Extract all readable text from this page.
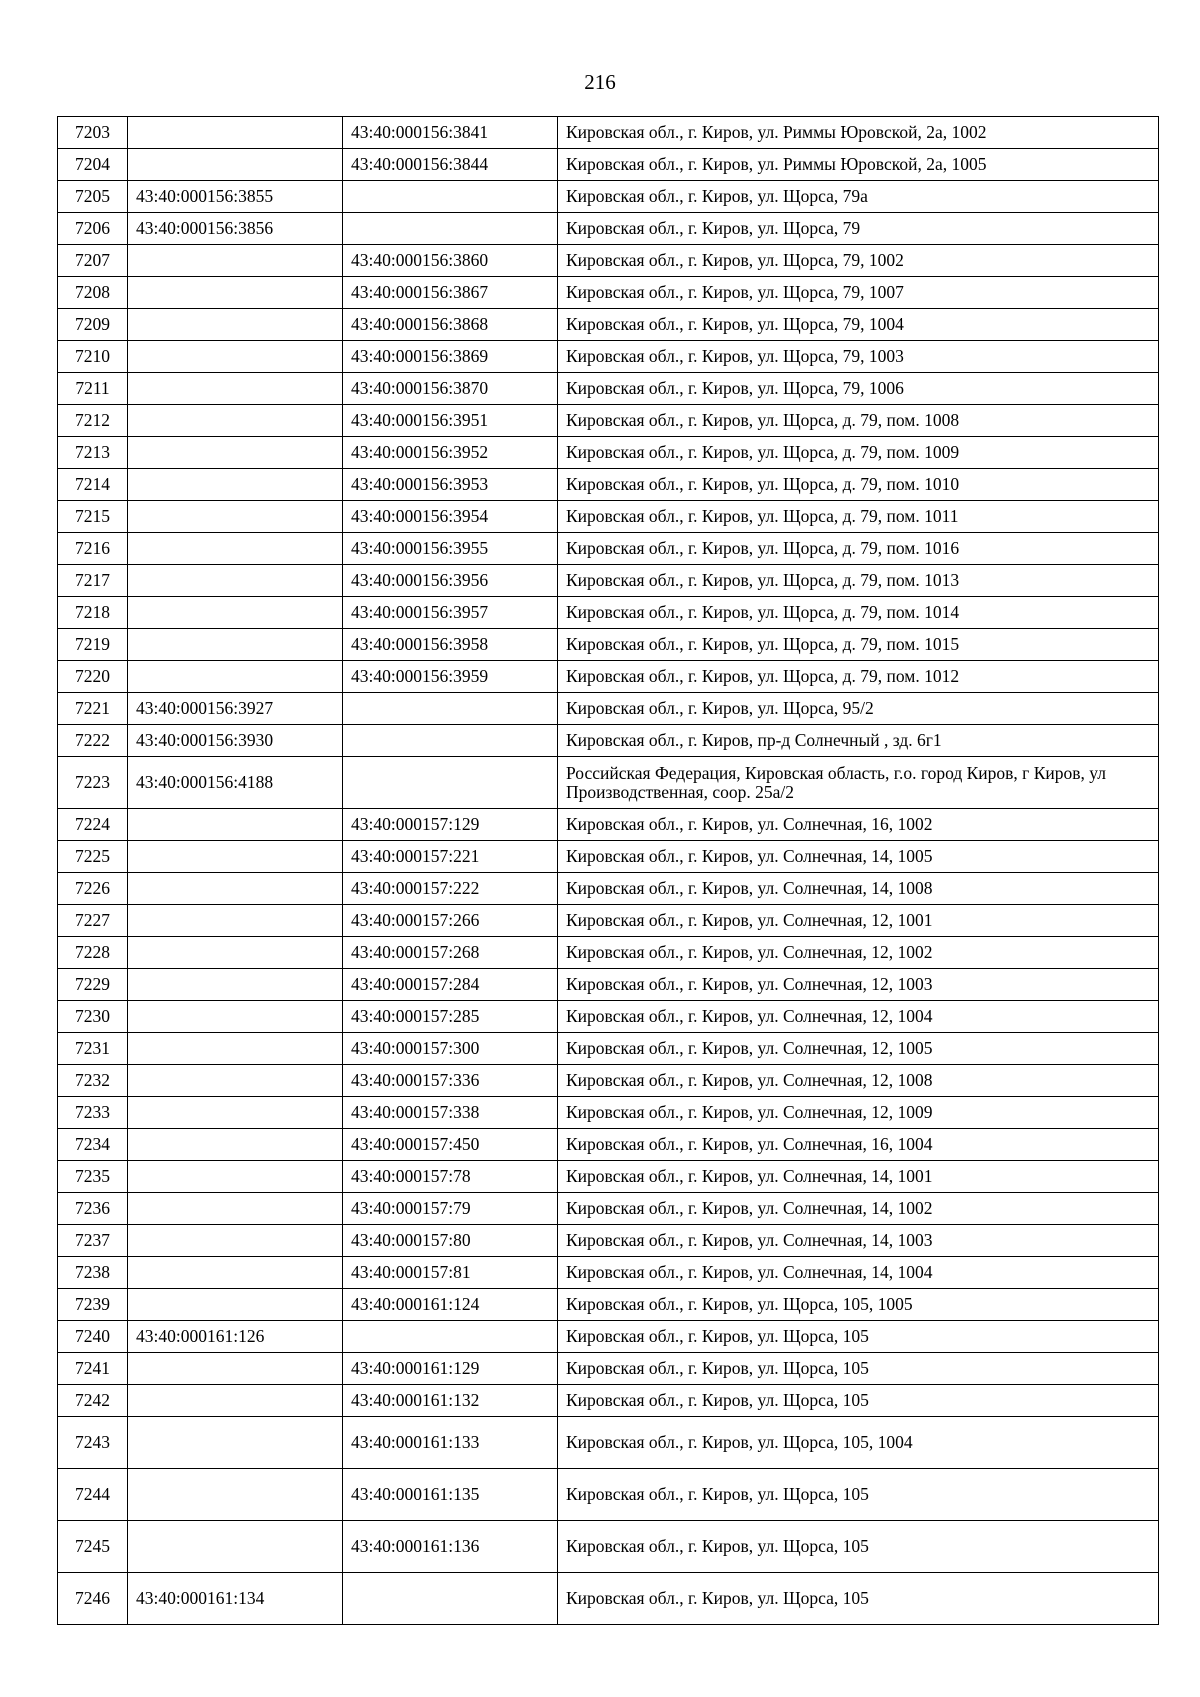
216
7203		43:40:000156:3841	Кировская обл., г. Киров, ул. Риммы Юровской, 2а, 1002
7204		43:40:000156:3844	Кировская обл., г. Киров, ул. Риммы Юровской, 2а, 1005
7205	43:40:000156:3855		Кировская обл., г. Киров, ул. Щорса, 79а
7206	43:40:000156:3856		Кировская обл., г. Киров, ул. Щорса, 79
7207		43:40:000156:3860	Кировская обл., г. Киров, ул. Щорса, 79, 1002
7208		43:40:000156:3867	Кировская обл., г. Киров, ул. Щорса, 79, 1007
7209		43:40:000156:3868	Кировская обл., г. Киров, ул. Щорса, 79, 1004
7210		43:40:000156:3869	Кировская обл., г. Киров, ул. Щорса, 79, 1003
7211		43:40:000156:3870	Кировская обл., г. Киров, ул. Щорса, 79, 1006
7212		43:40:000156:3951	Кировская обл., г. Киров, ул. Щорса, д. 79, пом. 1008
7213		43:40:000156:3952	Кировская обл., г. Киров, ул. Щорса, д. 79, пом. 1009
7214		43:40:000156:3953	Кировская обл., г. Киров, ул. Щорса, д. 79, пом. 1010
7215		43:40:000156:3954	Кировская обл., г. Киров, ул. Щорса, д. 79, пом. 1011
7216		43:40:000156:3955	Кировская обл., г. Киров, ул. Щорса, д. 79, пом. 1016
7217		43:40:000156:3956	Кировская обл., г. Киров, ул. Щорса, д. 79, пом. 1013
7218		43:40:000156:3957	Кировская обл., г. Киров, ул. Щорса, д. 79, пом. 1014
7219		43:40:000156:3958	Кировская обл., г. Киров, ул. Щорса, д. 79, пом. 1015
7220		43:40:000156:3959	Кировская обл., г. Киров, ул. Щорса, д. 79, пом. 1012
7221	43:40:000156:3927		Кировская обл., г. Киров, ул. Щорса, 95/2
7222	43:40:000156:3930		Кировская обл., г. Киров, пр-д Солнечный , зд. 6г1
7223	43:40:000156:4188		Российская Федерация, Кировская область, г.о. город Киров, г Киров, ул Производственная, соор. 25а/2
7224		43:40:000157:129	Кировская обл., г. Киров, ул. Солнечная, 16, 1002
7225		43:40:000157:221	Кировская обл., г. Киров, ул. Солнечная, 14, 1005
7226		43:40:000157:222	Кировская обл., г. Киров, ул. Солнечная, 14, 1008
7227		43:40:000157:266	Кировская обл., г. Киров, ул. Солнечная, 12, 1001
7228		43:40:000157:268	Кировская обл., г. Киров, ул. Солнечная, 12, 1002
7229		43:40:000157:284	Кировская обл., г. Киров, ул. Солнечная, 12, 1003
7230		43:40:000157:285	Кировская обл., г. Киров, ул. Солнечная, 12, 1004
7231		43:40:000157:300	Кировская обл., г. Киров, ул. Солнечная, 12, 1005
7232		43:40:000157:336	Кировская обл., г. Киров, ул. Солнечная, 12, 1008
7233		43:40:000157:338	Кировская обл., г. Киров, ул. Солнечная, 12, 1009
7234		43:40:000157:450	Кировская обл., г. Киров, ул. Солнечная, 16, 1004
7235		43:40:000157:78	Кировская обл., г. Киров, ул. Солнечная, 14, 1001
7236		43:40:000157:79	Кировская обл., г. Киров, ул. Солнечная, 14, 1002
7237		43:40:000157:80	Кировская обл., г. Киров, ул. Солнечная, 14, 1003
7238		43:40:000157:81	Кировская обл., г. Киров, ул. Солнечная, 14, 1004
7239		43:40:000161:124	Кировская обл., г. Киров, ул. Щорса, 105, 1005
7240	43:40:000161:126		Кировская обл., г. Киров, ул. Щорса, 105
7241		43:40:000161:129	Кировская обл., г. Киров, ул. Щорса, 105
7242		43:40:000161:132	Кировская обл., г. Киров, ул. Щорса, 105
7243		43:40:000161:133	Кировская обл., г. Киров, ул. Щорса, 105, 1004
7244		43:40:000161:135	Кировская обл., г. Киров, ул. Щорса, 105
7245		43:40:000161:136	Кировская обл., г. Киров, ул. Щорса, 105
7246	43:40:000161:134		Кировская обл., г. Киров, ул. Щорса, 105
